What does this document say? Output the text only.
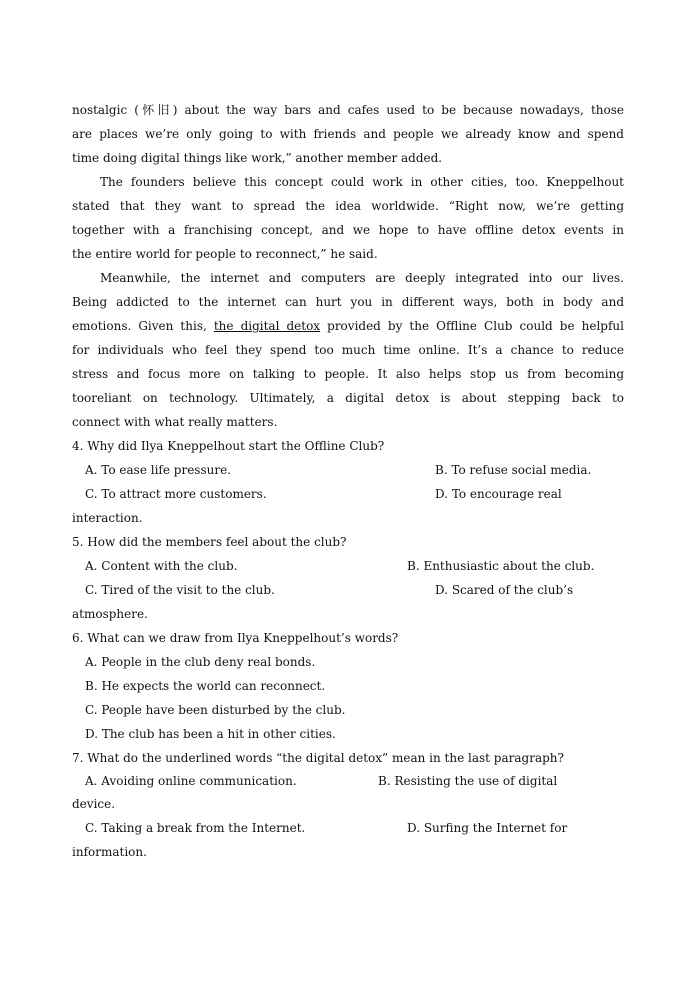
nostalgic (怀旧) about the way bars and cafes used to be because nowadays, those
are places we’re only going to with friends and people we already know and spend
time doing digital things like work,” another member added.
The founders believe this concept could work in other cities, too. Kneppelhout
stated that they want to spread the idea worldwide. “Right now, we’re getting
together with a franchising concept, and we hope to have offline detox events in
the entire world for people to reconnect,” he said.
Meanwhile, the internet and computers are deeply integrated into our lives.
Being addicted to the internet can hurt you in different ways, both in body and
emotions. Given this, the digital detox provided by the Offline Club could be helpful
for individuals who feel they spend too much time online. It’s a chance to reduce
stress and focus more on talking to people. It also helps stop us from becoming
tooreliant on technology. Ultimately, a digital detox is about stepping back to
connect with what really matters.
4. Why did Ilya Kneppelhout start the Offline Club?
A. To ease life pressure.	B. To refuse social media.
C. To attract more customers.	D. To encourage real
interaction.
5. How did the members feel about the club?
A. Content with the club.	B. Enthusiastic about the club.
C. Tired of the visit to the club.	D. Scared of the club’s
atmosphere.
6. What can we draw from Ilya Kneppelhout’s words?
A. People in the club deny real bonds.
B. He expects the world can reconnect.
C. People have been disturbed by the club.
D. The club has been a hit in other cities.
7. What do the underlined words “the digital detox” mean in the last paragraph?
A. Avoiding online communication.	B. Resisting the use of digital
device.
C. Taking a break from the Internet.	D. Surfing the Internet for
information.
